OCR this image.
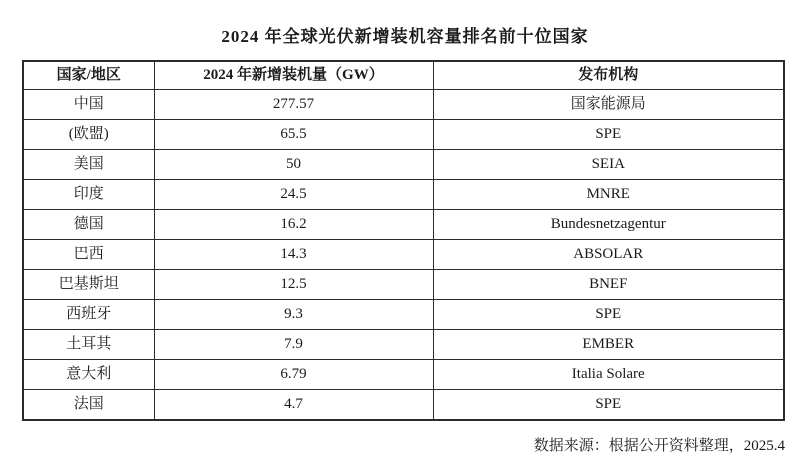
2024 年全球光伏新增装机容量排名前十位国家
国家/地区	2024 年新增装机量（GW）	发布机构
中国	277.57	国家能源局
(欧盟)	65.5	SPE
美国	50	SEIA
印度	24.5	MNRE
德国	16.2	Bundesnetzagentur
巴西	14.3	ABSOLAR
巴基斯坦	12.5	BNEF
西班牙	9.3	SPE
土耳其	7.9	EMBER
意大利	6.79	Italia Solare
法国	4.7	SPE
数据来源：根据公开资料整理，2025.4
